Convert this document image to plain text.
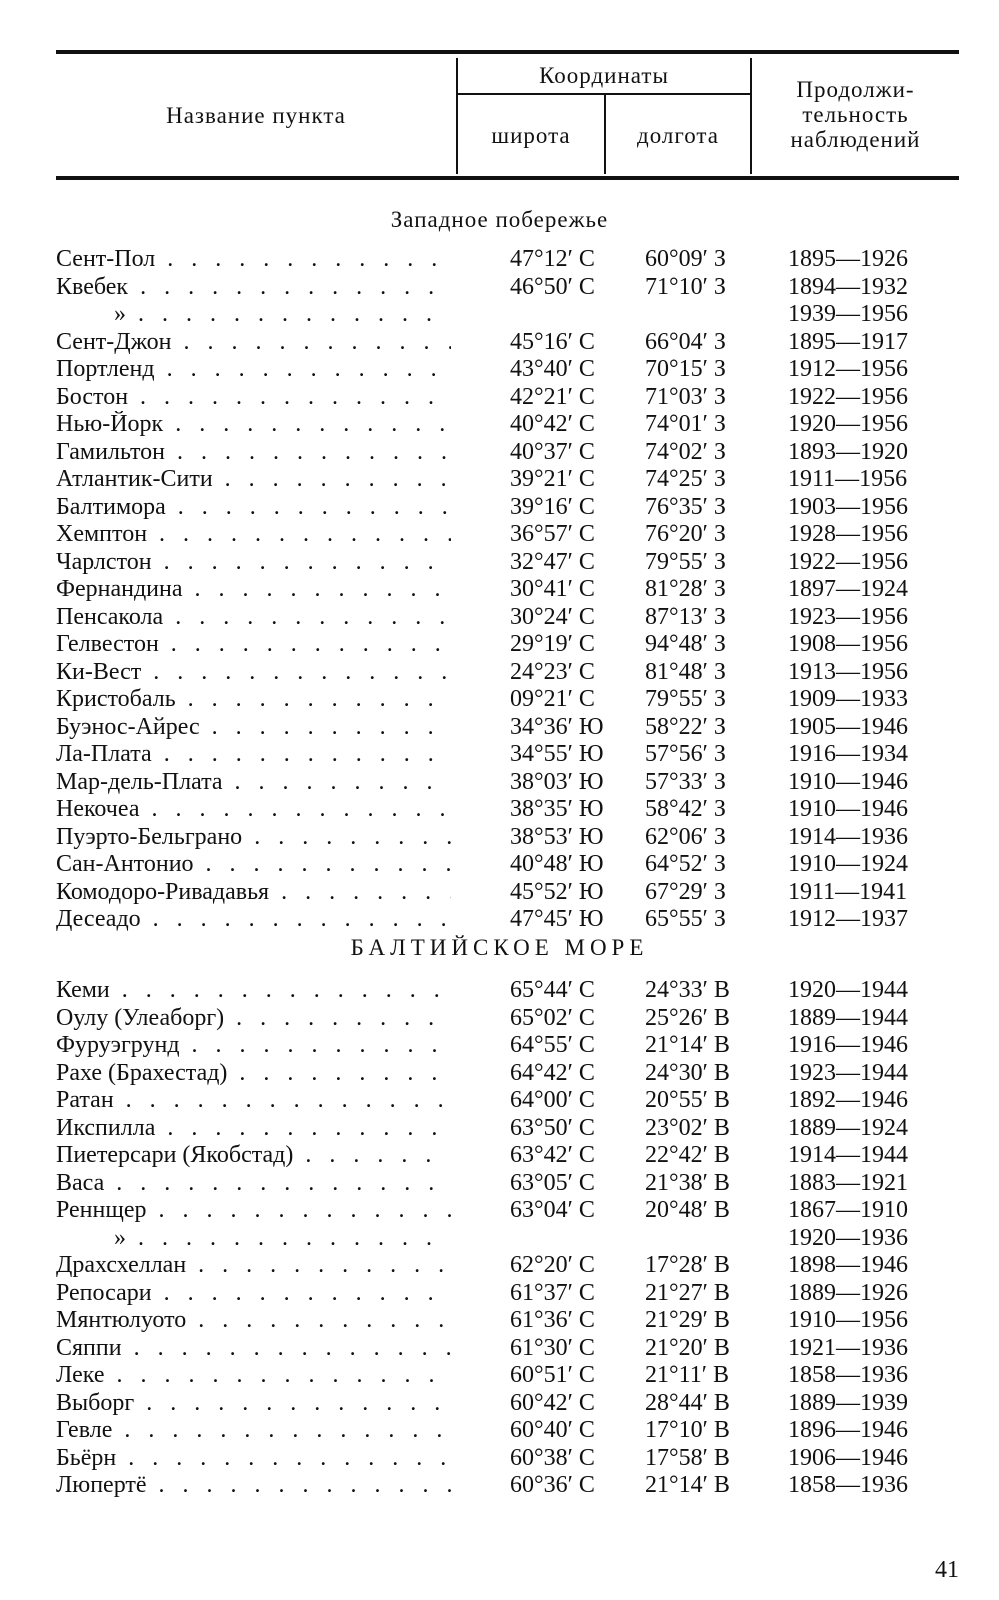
Название пункта
Координаты
широта	долгота
Продолжи-
тельность
наблюдений
Западное побережье
Сент-Пол . . .	47°12′ С 60°09′ З	1895—1926
Квебек . . .	46°50′ С 71°10′ З	1894—1932
» . . .	1939—1956
Сент-Джон . . .	45°16′ С 66°04′ З	1895—1917
Портленд . . .	43°40′ С 70°15′ З	1912—1956
Бостон . . .	42°21′ С 71°03′ З	1922—1956
Нью-Йорк . . .	40°42′ С 74°01′ З	1920—1956
Гамильтон . . .	40°37′ С 74°02′ З	1893—1920
Атлантик-Сити . . .	39°21′ С 74°25′ З	1911—1956
Балтимора . . .	39°16′ С 76°35′ З	1903—1956
Хемптон . . .	36°57′ С 76°20′ З	1928—1956
Чарлстон . . .	32°47′ С 79°55′ З	1922—1956
Фернандина . . .	30°41′ С 81°28′ З	1897—1924
Пенсакола . . .	30°24′ С 87°13′ З	1923—1956
Гелвестон . . .	29°19′ С 94°48′ З	1908—1956
Ки-Вест . . .	24°23′ С 81°48′ З	1913—1956
Кристобаль . . .	09°21′ С 79°55′ З	1909—1933
Буэнос-Айрес . . .	34°36′ Ю 58°22′ З	1905—1946
Ла-Плата . . .	34°55′ Ю 57°56′ З	1916—1934
Мар-дель-Плата . . .	38°03′ Ю 57°33′ З	1910—1946
Некочеа . . .	38°35′ Ю 58°42′ З	1910—1946
Пуэрто-Бельграно . . .	38°53′ Ю 62°06′ З	1914—1936
Сан-Антонио . . .	40°48′ Ю 64°52′ З	1910—1924
Комодоро-Ривадавья . . .	45°52′ Ю 67°29′ З	1911—1941
Десеадо . . .	47°45′ Ю 65°55′ З	1912—1937
БАЛТИЙСКОЕ МОРЕ
Кеми . . .	65°44′ С 24°33′ В 1920—1944
Оулу (Улеаборг) . . .	65°02′ С 25°26′ В 1889—1944
Фуруэгрунд . . .	64°55′ С 21°14′ В 1916—1946
Рахе (Брахестад) . . .	64°42′ С 24°30′ В 1923—1944
Ратан . . .	64°00′ С 20°55′ В 1892—1946
Икспилла . . .	63°50′ С 23°02′ В 1889—1924
Пиетерсари (Якобстад) . . .	63°42′ С 22°42′ В 1914—1944
Васа . . .	63°05′ С 21°38′ В 1883—1921
Реннщер . . .	63°04′ С 20°48′ В 1867—1910
» . . .	1920—1936
Драхсхеллан . . .	62°20′ С 17°28′ В 1898—1946
Репосари . . .	61°37′ С 21°27′ В 1889—1926
Мянтюлуото . . .	61°36′ С 21°29′ В 1910—1956
Сяппи . . .	61°30′ С 21°20′ В 1921—1936
Леке . . .	60°51′ С 21°11′ В 1858—1936
Выборг . . .	60°42′ С 28°44′ В 1889—1939
Гевле . . .	60°40′ С 17°10′ В 1896—1946
Бьёрн . . .	60°38′ С 17°58′ В 1906—1946
Люпертё . . .	60°36′ С 21°14′ В 1858—1936
41
